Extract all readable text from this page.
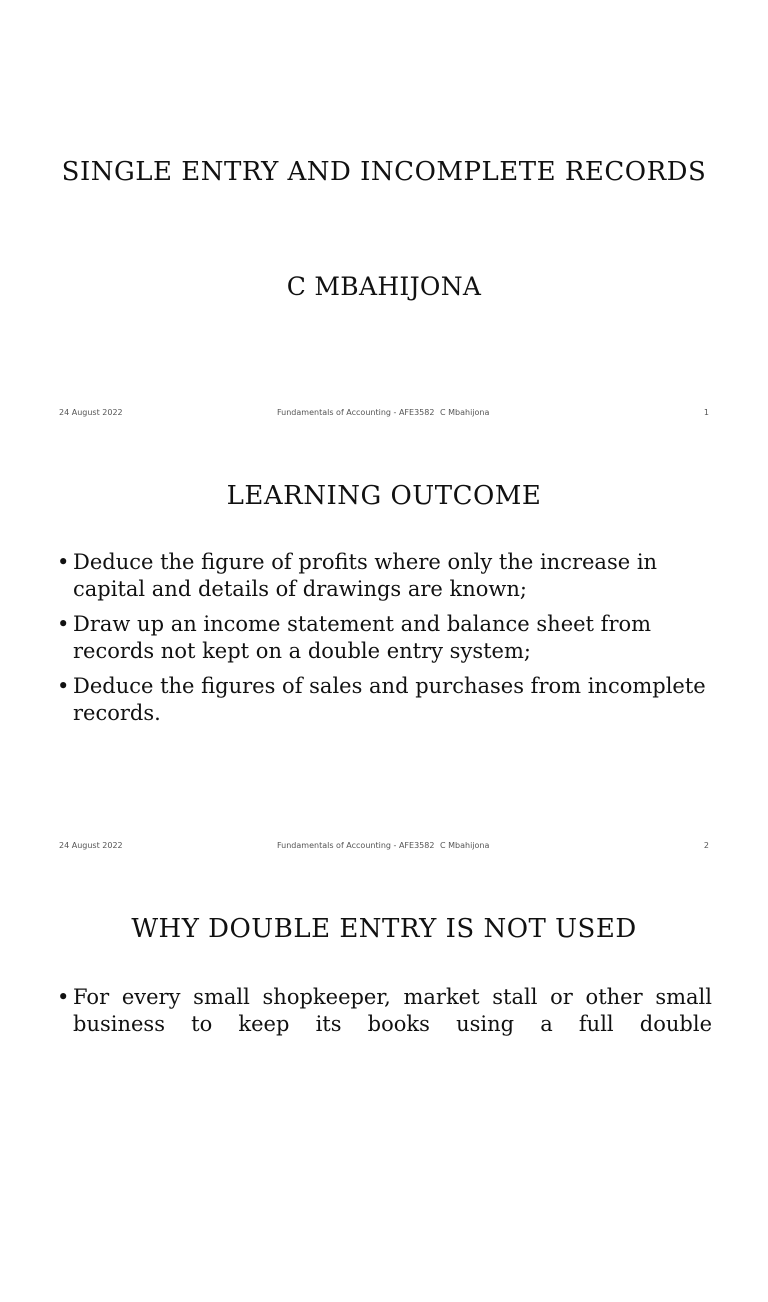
SINGLE ENTRY AND INCOMPLETE RECORDS
C MBAHIJONA
24 August 2022	Fundamentals of Accounting - AFE3582 C Mbahijona	1
LEARNING OUTCOME
• Deduce the figure of profits where only the increase in capital and details of drawings are known;
• Draw up an income statement and balance sheet from records not kept on a double entry system;
• Deduce the figures of sales and purchases from incomplete records.
24 August 2022	Fundamentals of Accounting - AFE3582 C Mbahijona	2
WHY DOUBLE ENTRY IS NOT USED
• For every small shopkeeper, market stall or other small business to keep its books using a full double
